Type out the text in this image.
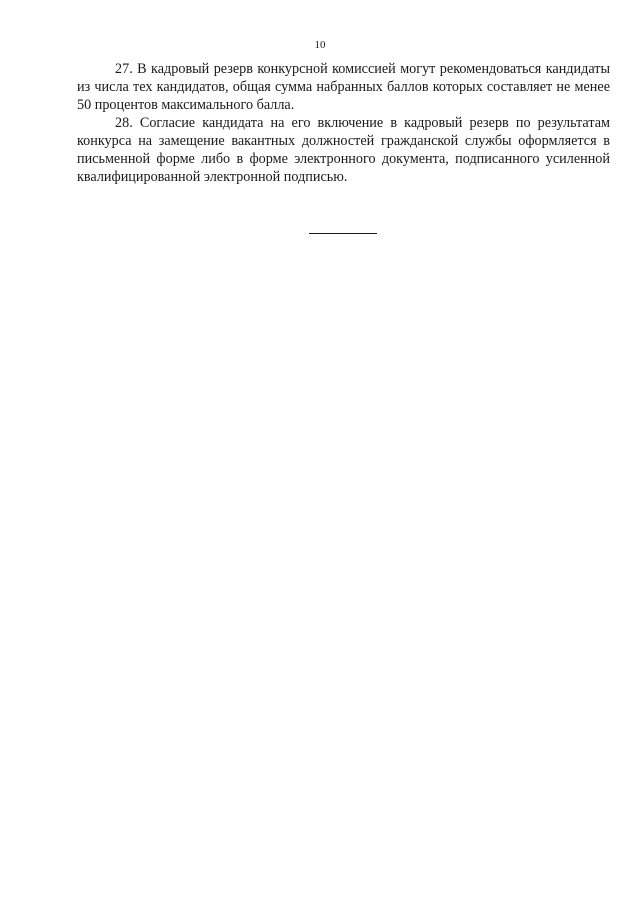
10

27. В кадровый резерв конкурсной комиссией могут рекомендоваться кандидаты из числа тех кандидатов, общая сумма набранных баллов которых составляет не менее 50 процентов максимального балла.

28. Согласие кандидата на его включение в кадровый резерв по результатам конкурса на замещение вакантных должностей гражданской службы оформляется в письменной форме либо в форме электронного документа, подписанного усиленной квалифицированной электронной подписью.
